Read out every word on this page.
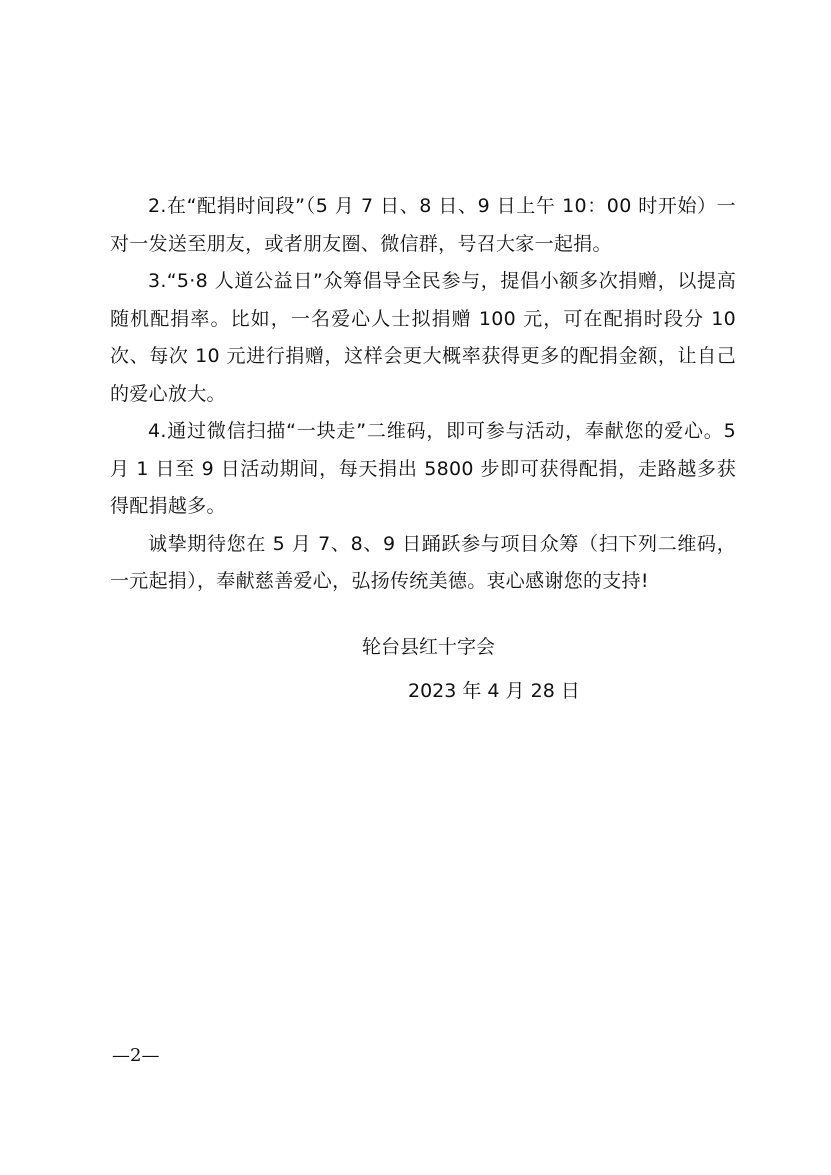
2.在“配捐时间段”（5 月 7 日、8 日、9 日上午 10：00 时开始）一对一发送至朋友，或者朋友圈、微信群，号召大家一起捐。

3.“5·8 人道公益日”众筹倡导全民参与，提倡小额多次捐赠，以提高随机配捐率。比如，一名爱心人士拟捐赠 100 元，可在配捐时段分 10 次、每次 10 元进行捐赠，这样会更大概率获得更多的配捐金额，让自己的爱心放大。

4.通过微信扫描“一块走”二维码，即可参与活动，奉献您的爱心。5 月 1 日至 9 日活动期间，每天捐出 5800 步即可获得配捐，走路越多获得配捐越多。

诚挚期待您在 5 月 7、8、9 日踊跃参与项目众筹（扫下列二维码，一元起捐），奉献慈善爱心，弘扬传统美德。衷心感谢您的支持!

轮台县红十字会
2023 年 4 月 28 日
—2—
